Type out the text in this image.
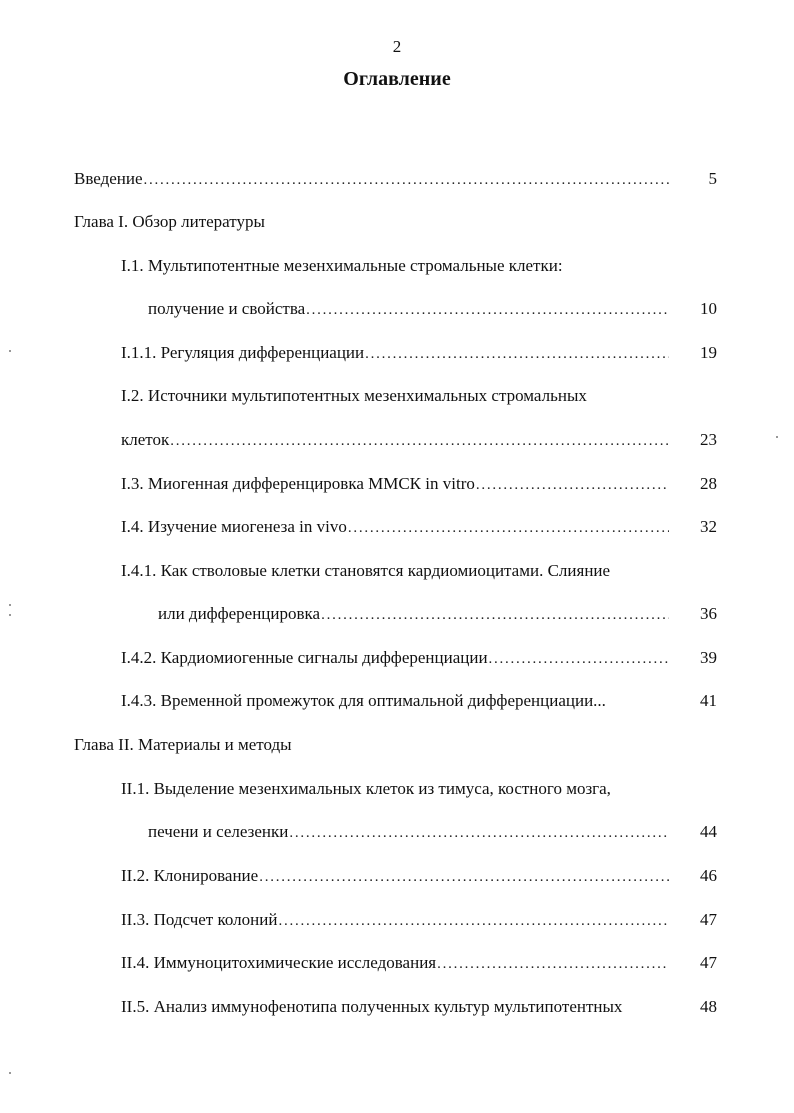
2
Оглавление
Введение . . .	5
Глава I. Обзор литературы
I.1. Мультипотентные мезенхимальные стромальные клетки:
получение и свойства . . .	10
I.1.1. Регуляция дифференциации . . .	19
I.2. Источники мультипотентных мезенхимальных стромальных
клеток . . .	23
I.3. Миогенная дифференцировка ММСК in vitro . . .	28
I.4. Изучение миогенеза in vivo . . .	32
I.4.1. Как стволовые клетки становятся кардиомиоцитами. Слияние
или дифференцировка . . .	36
I.4.2. Кардиомиогенные сигналы дифференциации . . .	39
I.4.3. Временной промежуток для оптимальной дифференциации...	41
Глава II. Материалы и методы
II.1. Выделение мезенхимальных клеток из тимуса, костного мозга,
печени и селезенки . . .	44
II.2. Клонирование . . .	46
II.3. Подсчет колоний . . .	47
II.4. Иммуноцитохимические исследования . . .	47
II.5. Анализ иммунофенотипа полученных культур мультипотентных	48
